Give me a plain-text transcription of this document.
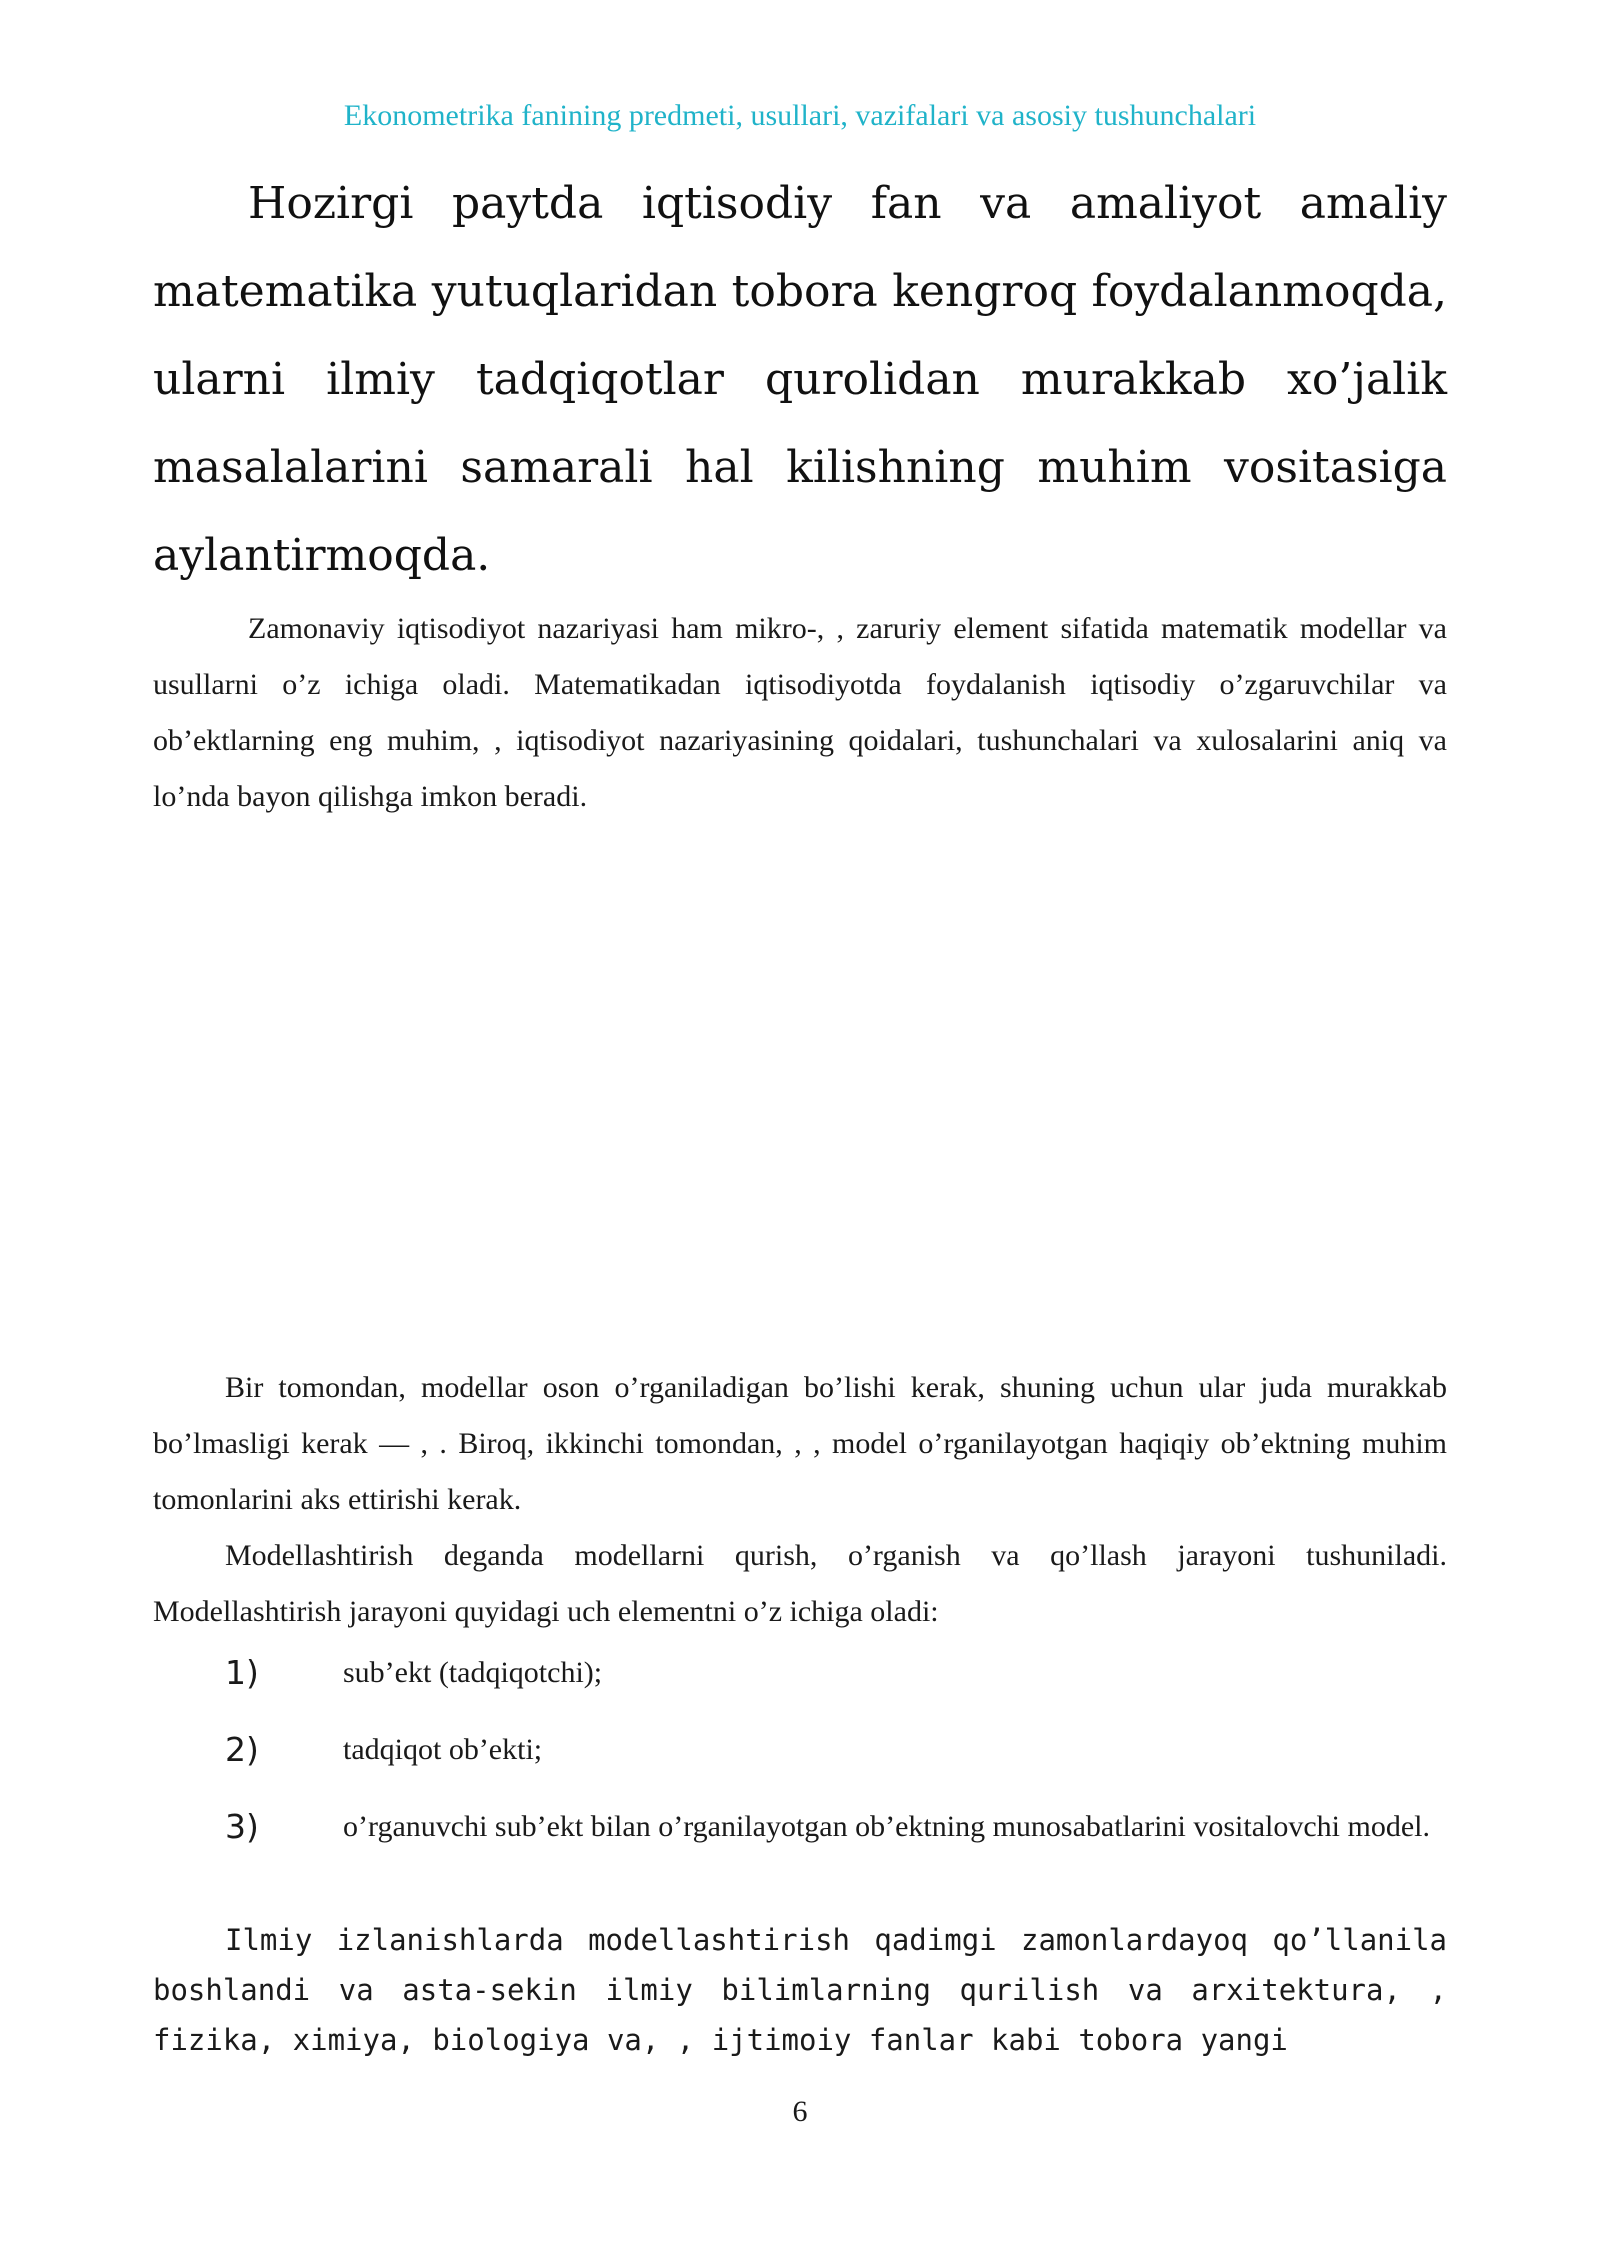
Ekonometrika fanining predmeti, usullari, vazifalari va asosiy tushunchalari

Hozirgi paytda iqtisodiy fan va amaliyot amaliy matematika yutuqlaridan tobora kengroq foydalanmoqda, ularni ilmiy tadqiqotlar qurolidan murakkab xo’jalik masalalarini samarali hal kilishning muhim vositasiga aylantirmoqda.

Zamonaviy iqtisodiyot nazariyasi ham mikro-, , zaruriy element sifatida matematik modellar va usullarni o’z ichiga oladi. Matematikadan iqtisodiyotda foydalanish iqtisodiy o’zgaruvchilar va ob’ektlarning eng muhim, , iqtisodiyot nazariyasining qoidalari, tushunchalari va xulosalarini aniq va lo’nda bayon qilishga imkon beradi.

Bir tomondan, modellar oson o’rganiladigan bo’lishi kerak, shuning uchun ular juda murakkab bo’lmasligi kerak — , . Biroq, ikkinchi tomondan, , , model o’rganilayotgan haqiqiy ob’ektning muhim tomonlarini aks ettirishi kerak.

Modellashtirish deganda modellarni qurish, o’rganish va qo’llash jarayoni tushuniladi. Modellashtirish jarayoni quyidagi uch elementni o’z ichiga oladi:

1)	sub’ekt (tadqiqotchi);
2)	tadqiqot ob’ekti;
3)	o’rganuvchi sub’ekt bilan o’rganilayotgan ob’ektning munosabatlarini vositalovchi model.

Ilmiy izlanishlarda modellashtirish qadimgi zamonlardayoq qo’llanila boshlandi va asta-sekin ilmiy bilimlarning qurilish va arxitektura, , fizika, ximiya, biologiya va, , ijtimoiy fanlar kabi tobora yangi

6
